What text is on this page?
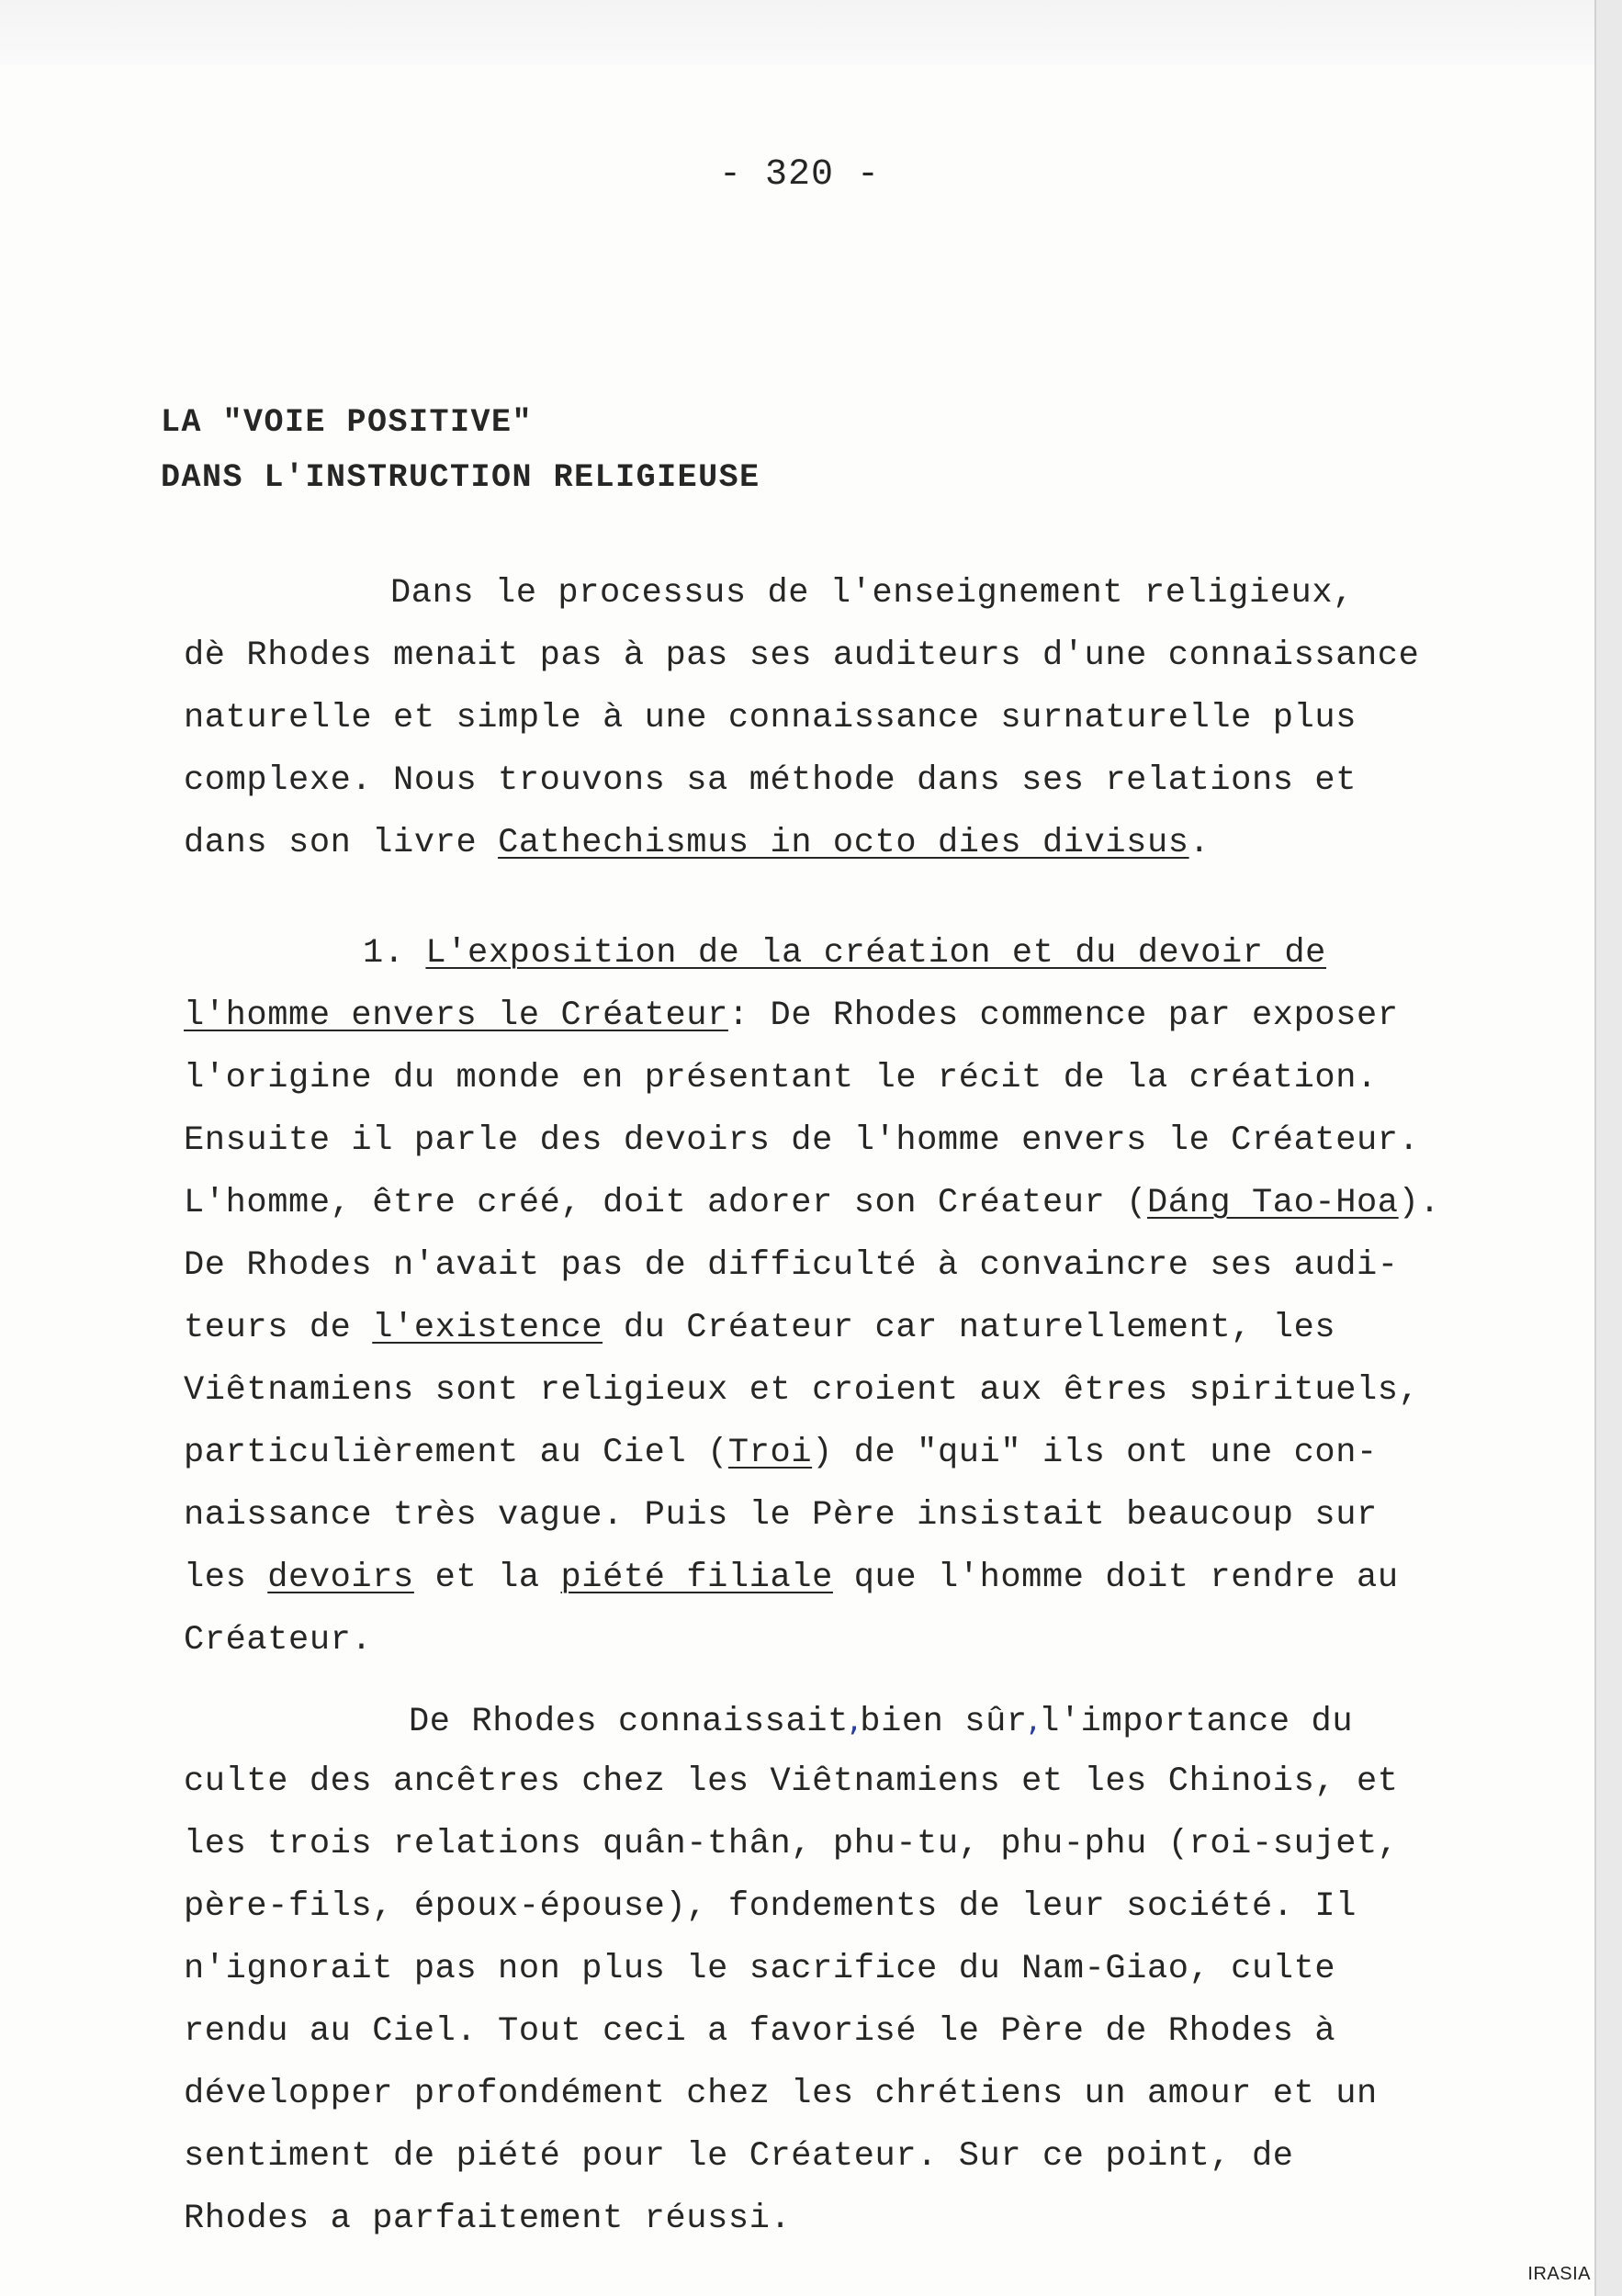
- 320 -
LA "VOIE POSITIVE"
DANS L'INSTRUCTION RELIGIEUSE
Dans le processus de l'enseignement religieux,
dè Rhodes menait pas à pas ses auditeurs d'une connaissance
naturelle et simple à une connaissance surnaturelle plus
complexe. Nous trouvons sa méthode dans ses relations et
dans son livre Cathechismus in octo dies divisus.
1. L'exposition de la création et du devoir de
l'homme envers le Créateur: De Rhodes commence par exposer
l'origine du monde en présentant le récit de la création.
Ensuite il parle des devoirs de l'homme envers le Créateur.
L'homme, être créé, doit adorer son Créateur (Dáng Tao-Hoa).
De Rhodes n'avait pas de difficulté à convaincre ses audi-
teurs de l'existence du Créateur car naturellement, les
Viêtnamiens sont religieux et croient aux êtres spirituels,
particulièrement au Ciel (Troi) de "qui" ils ont une con-
naissance très vague. Puis le Père insistait beaucoup sur
les devoirs et la piété filiale que l'homme doit rendre au
Créateur.
De Rhodes connaissait,bien sûr,l'importance du
culte des ancêtres chez les Viêtnamiens et les Chinois, et
les trois relations quân-thân, phu-tu, phu-phu (roi-sujet,
père-fils, époux-épouse), fondements de leur société. Il
n'ignorait pas non plus le sacrifice du Nam-Giao, culte
rendu au Ciel. Tout ceci a favorisé le Père de Rhodes à
développer profondément chez les chrétiens un amour et un
sentiment de piété pour le Créateur. Sur ce point, de
Rhodes a parfaitement réussi.
IRASIA
